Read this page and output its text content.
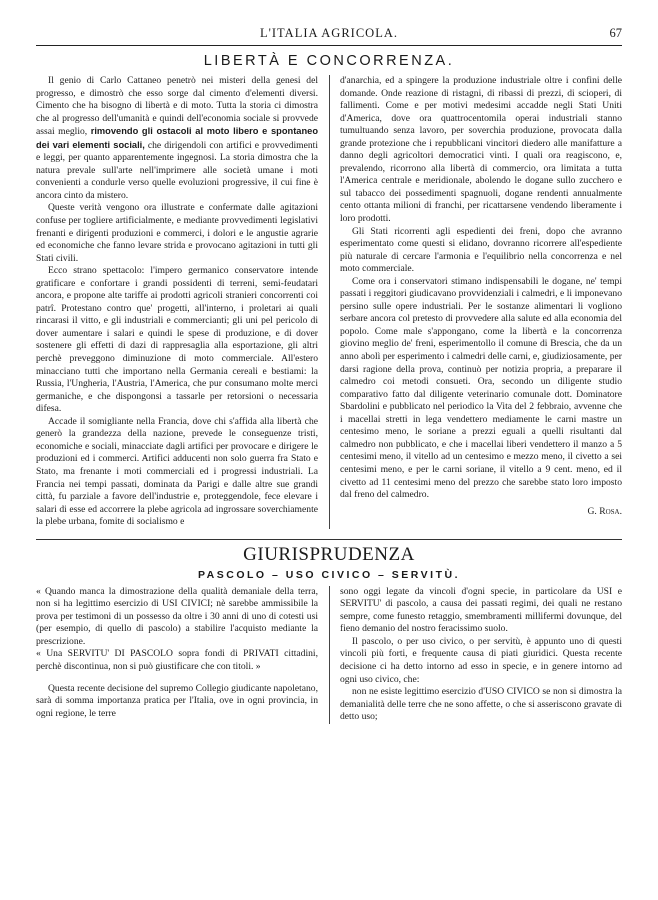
L'ITALIA AGRICOLA.	67
LIBERTÀ E CONCORRENZA.

Il genio di Carlo Cattaneo penetrò nei misteri della genesi del progresso, e dimostrò che esso sorge dal cimento d'elementi diversi. Cimento che ha bisogno di libertà e di moto. Tutta la storia ci dimostra che al progresso dell'umanità e quindi dell'economia sociale si provvede assai meglio, rimovendo gli ostacoli al moto libero e spontaneo dei vari elementi sociali, che dirigendoli con artifici e provvedimenti e leggi, per quanto apparentemente ingegnosi. La storia dimostra che la natura prevale sull'arte nell'imprimere alle società umane i moti convenienti a condurle verso quelle evoluzioni progressive, il cui fine è ancora cinto da mistero.

Queste verità vengono ora illustrate e confermate dalle agitazioni confuse per togliere artificialmente, e mediante provvedimenti legislativi frenanti e dirigenti produzioni e commerci, i dolori e le angustie agrarie ed economiche che fanno levare strida e provocano agitazioni in tutti gli Stati civili.

Ecco strano spettacolo: l'impero germanico conservatore intende gratificare e confortare i grandi possidenti di terreni, semi-feudatari ancora, e propone alte tariffe ai prodotti agricoli stranieri concorrenti coi patrî. Protestano contro que' progetti, all'interno, i proletari ai quali rincarasi il vitto, e gli industriali e commercianti; gli uni pel pericolo di dover aumentare i salari e quindi le spese di produzione, e di dover sostenere gli effetti di dazi di rappresaglia alla esportazione, gli altri perchè preveggono diminuzione di moto commerciale. All'estero minacciano tutti che importano nella Germania cereali e bestiami: la Russia, l'Ungheria, l'Austria, l'America, che pur consumano molte merci germaniche, e che dispongonsi a tassarle per retorsioni o necessaria difesa.

Accade il somigliante nella Francia, dove chi s'affida alla libertà che generò la grandezza della nazione, prevede le conseguenze tristi, economiche e sociali, minacciate dagli artifici per provocare e dirigere le produzioni ed i commerci. Artifici adducenti non solo guerra fra Stato e Stato, ma frenante i moti commerciali ed i progressi industriali. La Francia nei tempi passati, dominata da Parigi e dalle altre sue grandi città, fu parziale a favore dell'industrie e, proteggendole, fece elevare i salari di esse ed accorrere la plebe agricola ad ingrossare soverchiamente la plebe urbana, fomite di socialismo e

d'anarchia, ed a spingere la produzione industriale oltre i confini delle domande. Onde reazione di ristagni, di ribassi di prezzi, di scioperi, di fallimenti. Come e per motivi medesimi accadde negli Stati Uniti d'America, dove ora quattrocentomila operai industriali stanno tumultuando senza lavoro, per soverchia produzione, provocata dalla grande protezione che i repubblicani vincitori diedero alle manifatture a danno degli agricoltori democratici vinti. I quali ora reagiscono, e, prevalendo, ricorrono alla libertà di commercio, ora limitata a tutta l'America centrale e meridionale, abolendo le dogane sullo zucchero e sul tabacco dei possedimenti spagnuoli, dogane rendenti annualmente cento ottanta milioni di franchi, per ricattarsene vendendo liberamente i loro prodotti.

Gli Stati ricorrenti agli espedienti dei freni, dopo che avranno esperimentato come questi si elidano, dovranno ricorrere all'espediente più naturale di cercare l'armonia e l'equilibrio nella concorrenza e nel moto commerciale.

Come ora i conservatori stimano indispensabili le dogane, ne' tempi passati i reggitori giudicavano provvidenziali i calmedri, e li imponevano persino sulle opere industriali. Per le sostanze alimentari li vogliono serbare ancora col pretesto di provvedere alla salute ed alla economia del popolo. Come male s'appongano, come la libertà e la concorrenza giovino meglio de' freni, esperimentollo il comune di Brescia, che da un anno abolì per esperimento i calmedri delle carni, e, giudiziosamente, per darsi ragione della prova, continuò per notizia propria, a preparare il calmedro coi metodi consueti. Ora, secondo un diligente studio comparativo fatto dal diligente veterinario comunale dott. Dominatore Sbardolini e pubblicato nel periodico la Vita del 2 febbraio, avvenne che i macellai stretti in lega vendettero mediamente le carni mastre un centesimo meno, le soriane a prezzi eguali a quelli risultanti dal calmedro non pubblicato, e che i macellai liberi vendettero il manzo a 5 centesimi meno, il vitello ad un centesimo e mezzo meno, il civetto a sei centesimi meno, e per le carni soriane, il vitello a 9 cent. meno, ed il civetto ad 11 centesimi meno del prezzo che sarebbe stato loro imposto dal freno del calmedro.

G. Rosa.
GIURISPRUDENZA
PASCOLO – USO CIVICO – SERVITÙ.

« Quando manca la dimostrazione della qualità demaniale della terra, non si ha legittimo esercizio di USI CIVICI; nè sarebbe ammissibile la prova per testimoni di un possesso da oltre i 30 anni di uno di cotesti usi (per esempio, di quello di pascolo) a stabilire l'acquisto mediante la prescrizione.

« Una SERVITU' DI PASCOLO sopra fondi di PRIVATI cittadini, perchè discontinua, non si può giustificare che con titoli. »

Questa recente decisione del supremo Collegio giudicante napoletano, sarà di somma importanza pratica per l'Italia, ove in ogni provincia, in ogni regione, le terre

sono oggi legate da vincoli d'ogni specie, in particolare da USI e SERVITU' di pascolo, a causa dei passati regimi, dei quali ne restano sempre, come funesto retaggio, smembramenti millifermi dovunque, del fieno demanio del nostro feracissimo suolo.

Il pascolo, o per uso civico, o per servitù, è appunto uno di questi vincoli più forti, e frequente causa di piati giuridici. Questa recente decisione ci ha detto intorno ad esso in specie, e in genere intorno ad ogni uso civico, che:

non ne esiste legittimo esercizio d'USO CIVICO se non si dimostra la demanialità delle terre che ne sono affette, o che si asseriscono gravate di detto uso;
